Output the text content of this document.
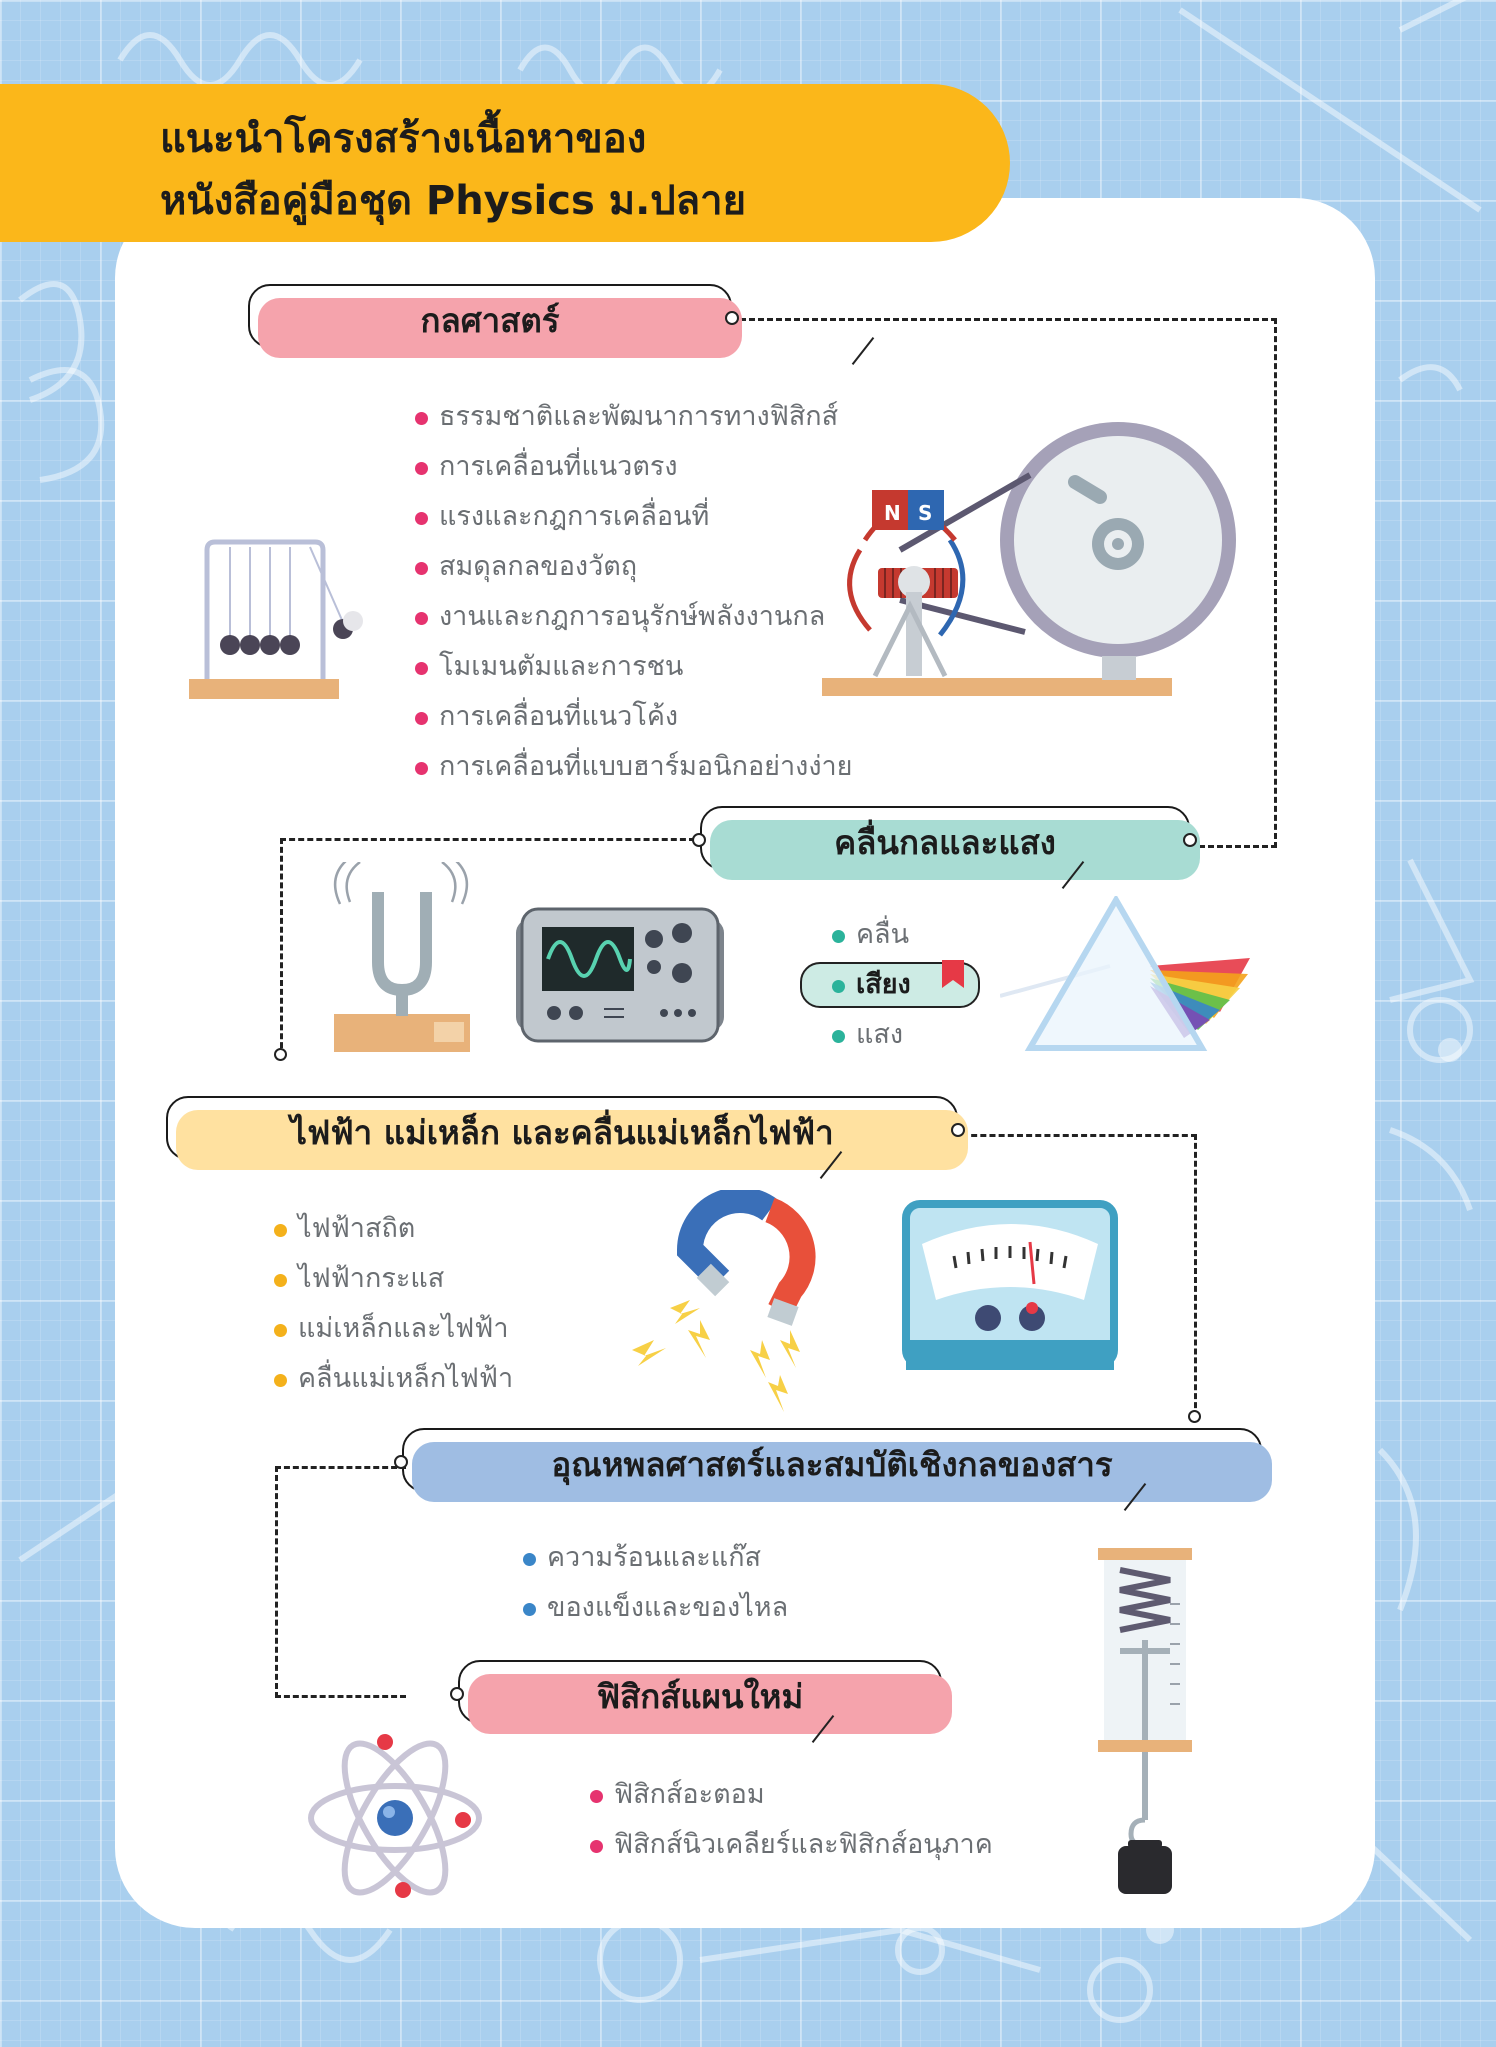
แนะนำโครงสร้างเนื้อหาของ
หนังสือคู่มือชุด Physics ม.ปลาย
กลศาสตร์
ธรรมชาติและพัฒนาการทางฟิสิกส์
การเคลื่อนที่แนวตรง
แรงและกฎการเคลื่อนที่
สมดุลกลของวัตถุ
งานและกฎการอนุรักษ์พลังงานกล
โมเมนตัมและการชน
การเคลื่อนที่แนวโค้ง
การเคลื่อนที่แบบฮาร์มอนิกอย่างง่าย
N S
คลื่นกลและแสง
คลื่น
เสียง
แสง
ไฟฟ้า แม่เหล็ก และคลื่นแม่เหล็กไฟฟ้า
ไฟฟ้าสถิต
ไฟฟ้ากระแส
แม่เหล็กและไฟฟ้า
คลื่นแม่เหล็กไฟฟ้า
อุณหพลศาสตร์และสมบัติเชิงกลของสาร
ความร้อนและแก๊ส
ของแข็งและของไหล
ฟิสิกส์แผนใหม่
ฟิสิกส์อะตอม
ฟิสิกส์นิวเคลียร์และฟิสิกส์อนุภาค
